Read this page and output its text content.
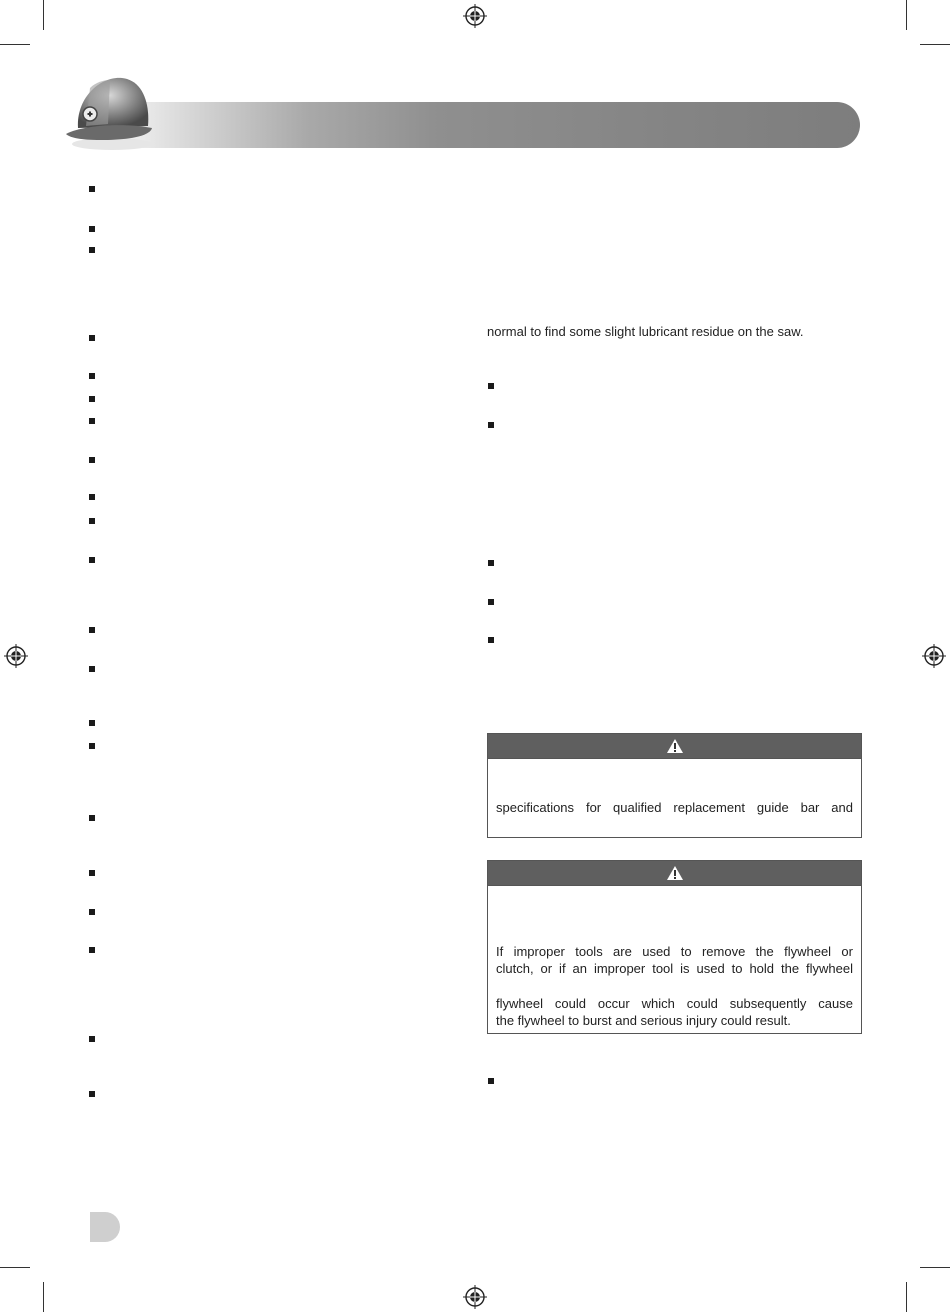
normal to find some slight lubricant residue on the saw.
specifications for qualified replacement guide bar and
If improper tools are used to remove the flywheel or
clutch, or if an improper tool is used to hold the flywheel
flywheel could occur which could subsequently cause
the flywheel to burst and serious injury could result.
